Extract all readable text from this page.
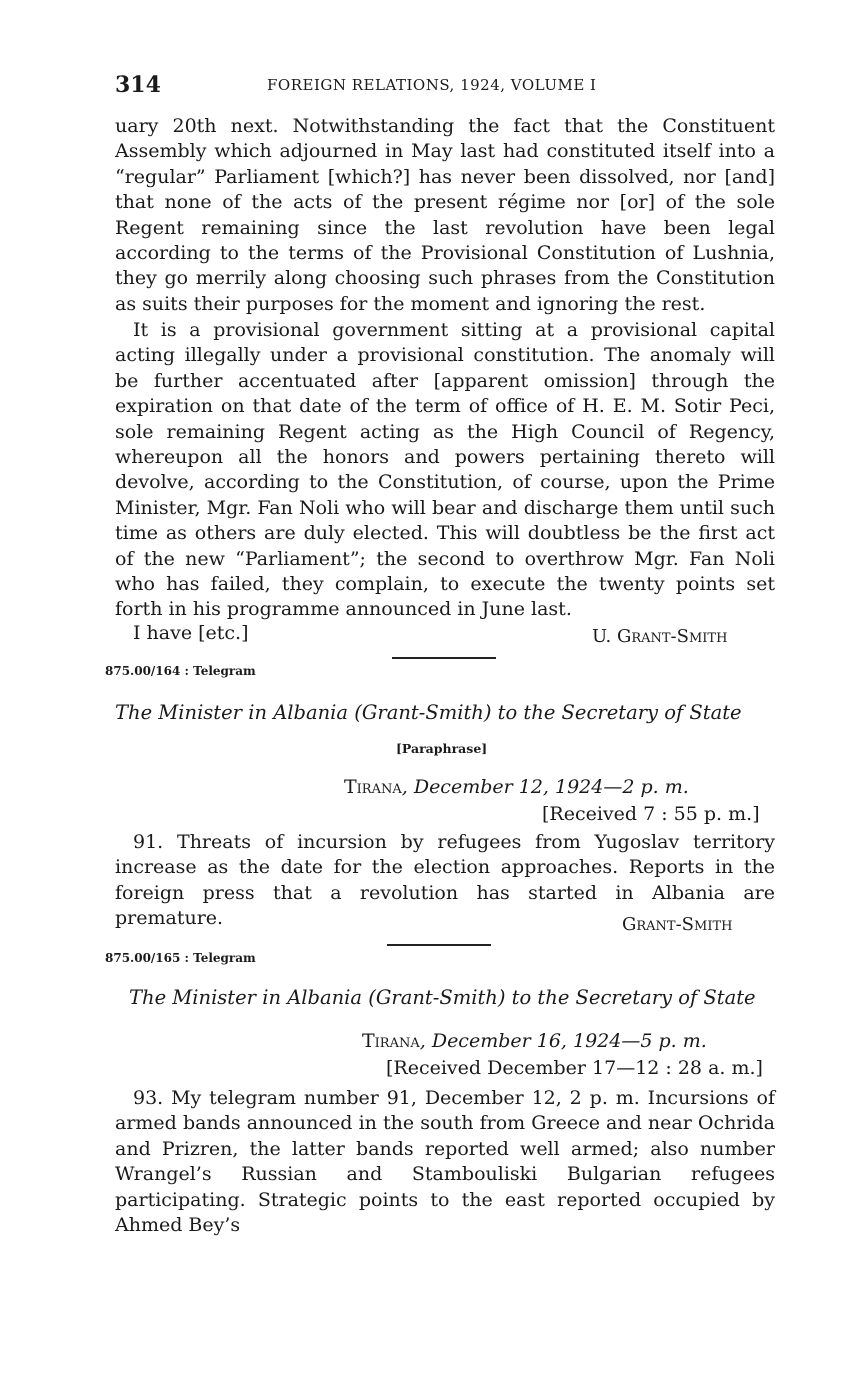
314	FOREIGN RELATIONS, 1924, VOLUME I

uary 20th next. Notwithstanding the fact that the Constituent Assembly which adjourned in May last had constituted itself into a “regular” Parliament [which?] has never been dissolved, nor [and] that none of the acts of the present régime nor [or] of the sole Regent remaining since the last revolution have been legal according to the terms of the Provisional Constitution of Lushnia, they go merrily along choosing such phrases from the Constitution as suits their purposes for the moment and ignoring the rest.

It is a provisional government sitting at a provisional capital acting illegally under a provisional constitution. The anomaly will be further accentuated after [apparent omission] through the expiration on that date of the term of office of H. E. M. Sotir Peci, sole remaining Regent acting as the High Council of Regency, whereupon all the honors and powers pertaining thereto will devolve, according to the Constitution, of course, upon the Prime Minister, Mgr. Fan Noli who will bear and discharge them until such time as others are duly elected. This will doubtless be the first act of the new “Parliament”; the second to overthrow Mgr. Fan Noli who has failed, they complain, to execute the twenty points set forth in his programme announced in June last.

I have [etc.]	U. Grant-Smith
875.00/164 : Telegram
The Minister in Albania (Grant-Smith) to the Secretary of State
[Paraphrase]
Tirana, December 12, 1924—2 p. m.
[Received 7 : 55 p. m.]

91. Threats of incursion by refugees from Yugoslav territory increase as the date for the election approaches. Reports in the foreign press that a revolution has started in Albania are premature.	Grant-Smith
875.00/165 : Telegram
The Minister in Albania (Grant-Smith) to the Secretary of State
Tirana, December 16, 1924—5 p. m.
[Received December 17—12 : 28 a. m.]

93. My telegram number 91, December 12, 2 p. m. Incursions of armed bands announced in the south from Greece and near Ochrida and Prizren, the latter bands reported well armed; also number Wrangel’s Russian and Stambouliski Bulgarian refugees participating. Strategic points to the east reported occupied by Ahmed Bey’s
